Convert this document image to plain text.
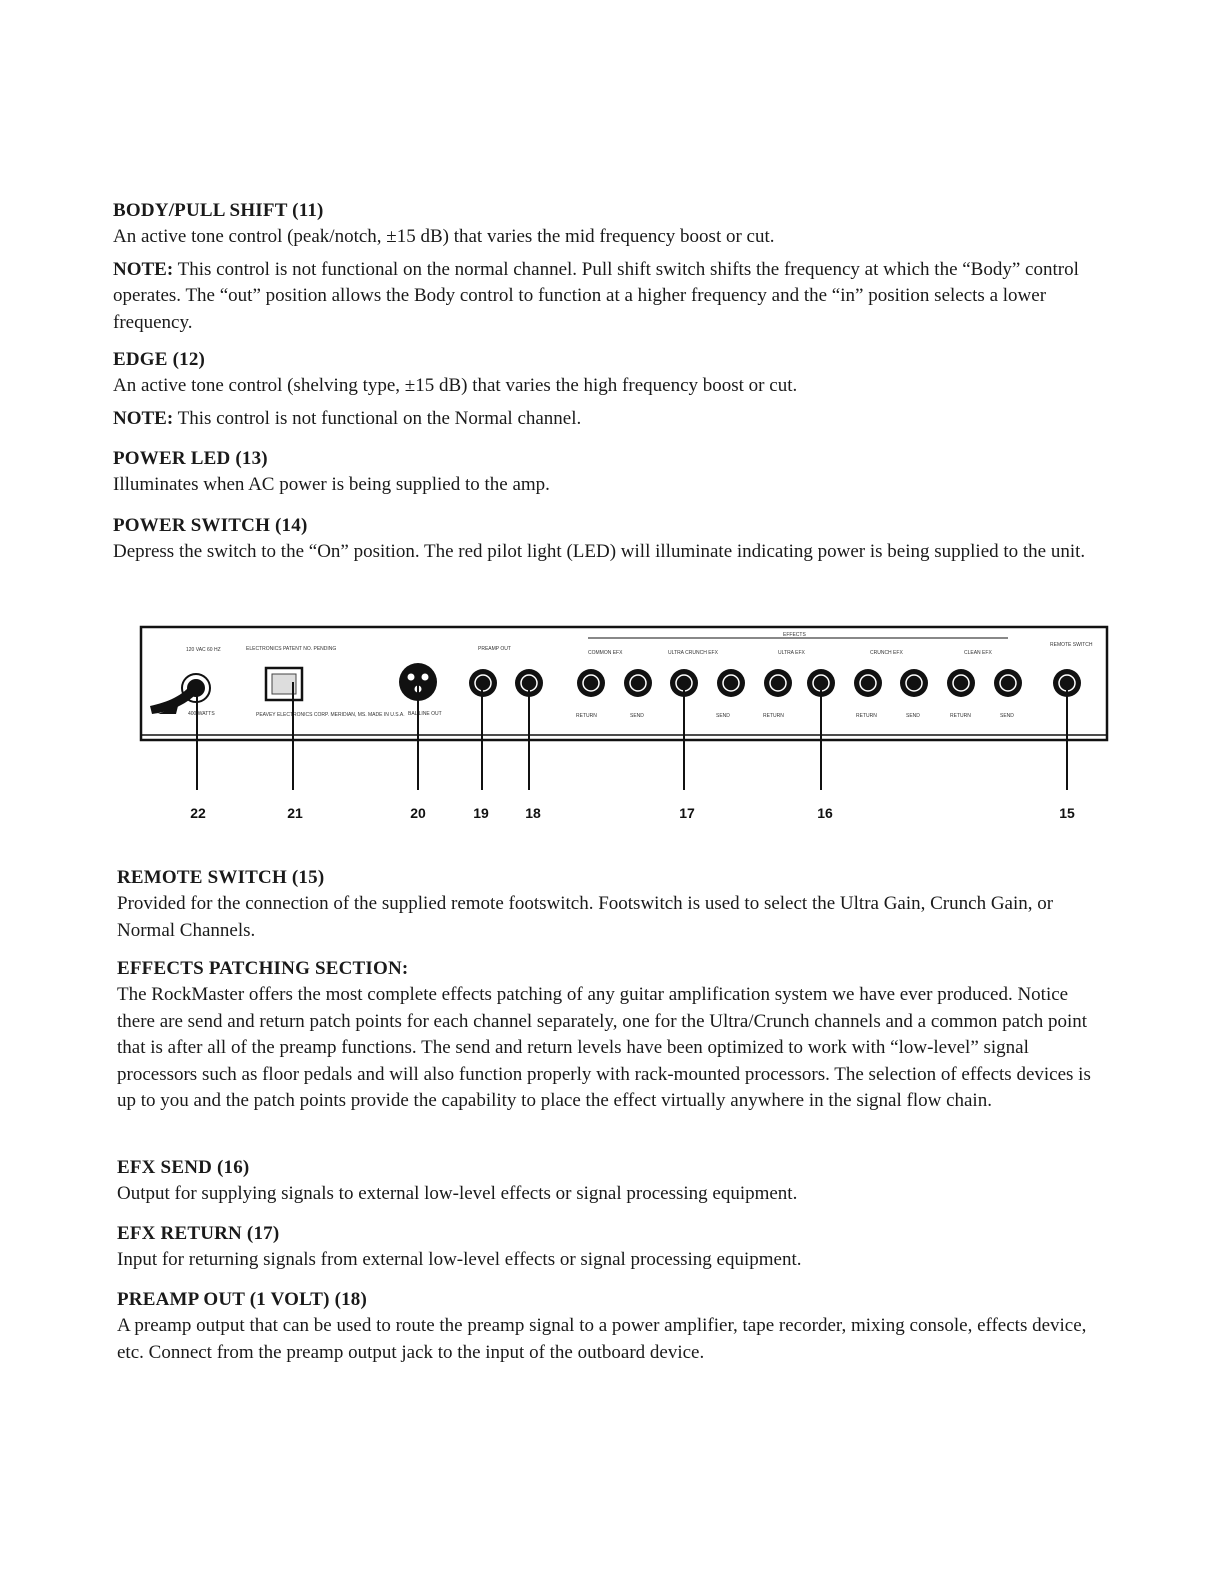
BODY/PULL SHIFT (11)

An active tone control (peak/notch, ±15 dB) that varies the mid frequency boost or cut.

NOTE: This control is not functional on the normal channel. Pull shift switch shifts the frequency at which the “Body” control operates. The “out” position allows the Body control to function at a higher frequency and the “in” position selects a lower frequency.

EDGE (12)

An active tone control (shelving type, ±15 dB) that varies the high frequency boost or cut.

NOTE: This control is not functional on the Normal channel.

POWER LED (13)

Illuminates when AC power is being supplied to the amp.

POWER SWITCH (14)

Depress the switch to the “On” position. The red pilot light (LED) will illuminate indicating power is being supplied to the unit.

120 VAC 60 HZ
400 WATTS
ELECTRONICS PATENT NO. PENDING
PEAVEY ELECTRONICS CORP. MERIDIAN, MS. MADE IN U.S.A. BAL LINE OUT
PREAMP OUT
EFFECTS
COMMON EFX	ULTRA CRUNCH EFX	ULTRA EFX	CRUNCH EFX	CLEAN EFX
REMOTE SWITCH
RETURN	SEND	SEND	RETURN	RETURN	SEND	RETURN	SEND
22	21	20	19	18	17	16	15
REMOTE SWITCH (15)

Provided for the connection of the supplied remote footswitch. Footswitch is used to select the Ultra Gain, Crunch Gain, or Normal Channels.

EFFECTS PATCHING SECTION:

The RockMaster offers the most complete effects patching of any guitar amplification system we have ever produced. Notice there are send and return patch points for each channel separately, one for the Ultra/Crunch channels and a common patch point that is after all of the preamp functions. The send and return levels have been optimized to work with “low-level” signal processors such as floor pedals and will also function properly with rack-mounted processors. The selection of effects devices is up to you and the patch points provide the capability to place the effect virtually anywhere in the signal flow chain.

EFX SEND (16)

Output for supplying signals to external low-level effects or signal processing equipment.

EFX RETURN (17)

Input for returning signals from external low-level effects or signal processing equipment.

PREAMP OUT (1 VOLT) (18)

A preamp output that can be used to route the preamp signal to a power amplifier, tape recorder, mixing console, effects device, etc. Connect from the preamp output jack to the input of the outboard device.
